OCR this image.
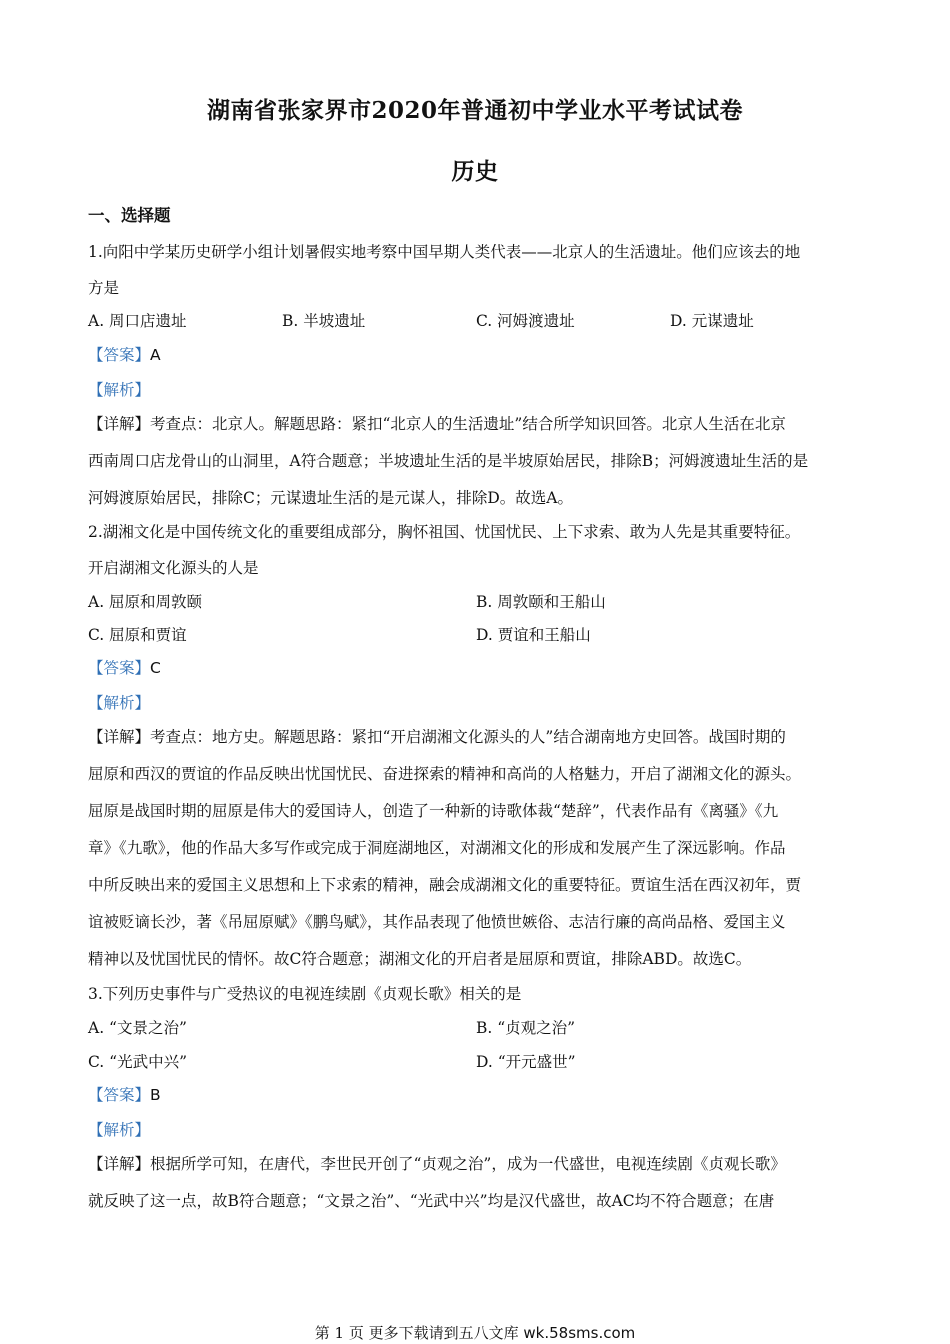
湖南省张家界市2020年普通初中学业水平考试试卷
历史
一、选择题
1.向阳中学某历史研学小组计划暑假实地考察中国早期人类代表——北京人的生活遗址。他们应该去的地
方是
A. 周口店遗址	B. 半坡遗址	C. 河姆渡遗址	D. 元谋遗址
【答案】A
【解析】
【详解】考查点：北京人。解题思路：紧扣“北京人的生活遗址”结合所学知识回答。北京人生活在北京
西南周口店龙骨山的山洞里，A符合题意；半坡遗址生活的是半坡原始居民，排除B；河姆渡遗址生活的是
河姆渡原始居民，排除C；元谋遗址生活的是元谋人，排除D。故选A。
2.湖湘文化是中国传统文化的重要组成部分，胸怀祖国、忧国忧民、上下求索、敢为人先是其重要特征。
开启湖湘文化源头的人是
A. 屈原和周敦颐	B. 周敦颐和王船山
C. 屈原和贾谊	D. 贾谊和王船山
【答案】C
【解析】
【详解】考查点：地方史。解题思路：紧扣“开启湖湘文化源头的人”结合湖南地方史回答。战国时期的
屈原和西汉的贾谊的作品反映出忧国忧民、奋进探索的精神和高尚的人格魅力，开启了湖湘文化的源头。
屈原是战国时期的屈原是伟大的爱国诗人，创造了一种新的诗歌体裁“楚辞”，代表作品有《离骚》《九
章》《九歌》，他的作品大多写作或完成于洞庭湖地区，对湖湘文化的形成和发展产生了深远影响。作品
中所反映出来的爱国主义思想和上下求索的精神，融会成湖湘文化的重要特征。贾谊生活在西汉初年，贾
谊被贬谪长沙，著《吊屈原赋》《鹏鸟赋》，其作品表现了他愤世嫉俗、志洁行廉的高尚品格、爱国主义
精神以及忧国忧民的情怀。故C符合题意；湖湘文化的开启者是屈原和贾谊，排除ABD。故选C。
3.下列历史事件与广受热议的电视连续剧《贞观长歌》相关的是
A. “文景之治”	B. “贞观之治”
C. “光武中兴”	D. “开元盛世”
【答案】B
【解析】
【详解】根据所学可知，在唐代，李世民开创了“贞观之治”，成为一代盛世，电视连续剧《贞观长歌》
就反映了这一点，故B符合题意；“文景之治”、“光武中兴”均是汉代盛世，故AC均不符合题意；在唐
第 1 页 更多下载请到五八文库 wk.58sms.com
